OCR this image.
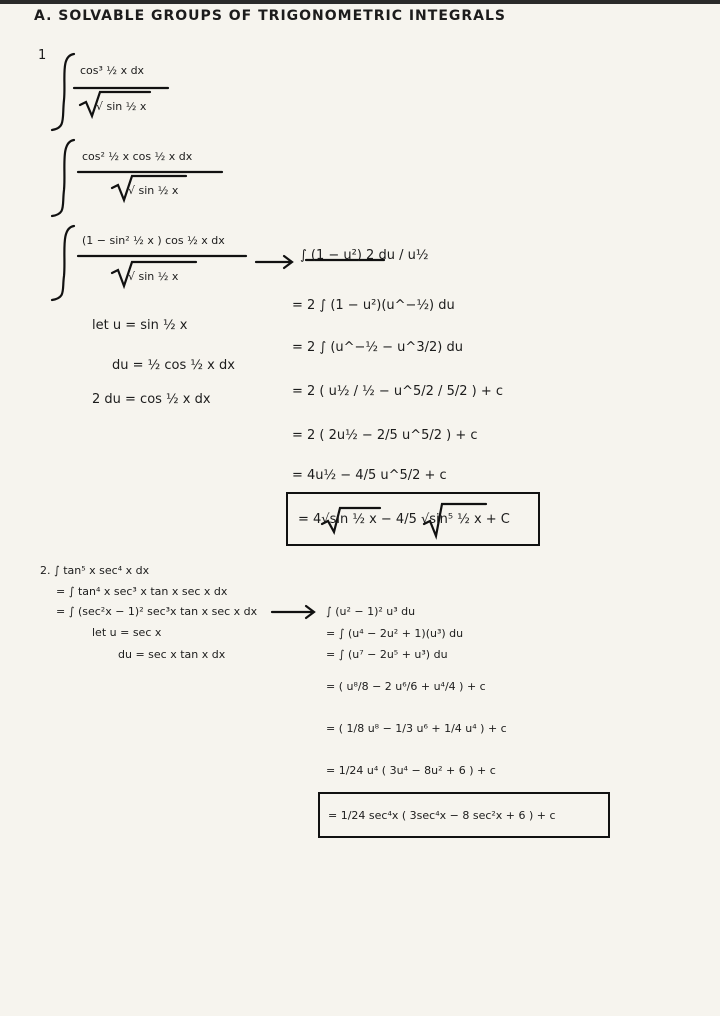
A. SOLVABLE GROUPS OF TRIGONOMETRIC INTEGRALS
1
cos³ ½ x dx
√ sin ½ x
cos² ½ x cos ½ x dx
√ sin ½ x
(1 − sin² ½ x ) cos ½ x dx
√ sin ½ x
let u = sin ½ x
du = ½ cos ½ x dx
2 du = cos ½ x dx
∫ (1 − u²) 2 du / u½
= 2 ∫ (1 − u²)(u^−½) du
= 2 ∫ (u^−½ − u^3/2) du
= 2 ( u½ / ½ − u^5/2 / 5/2 ) + c
= 2 ( 2u½ − 2/5 u^5/2 ) + c
= 4u½ − 4/5 u^5/2 + c
= 4√sin ½ x − 4/5 √sin⁵ ½ x + C
2. ∫ tan⁵ x sec⁴ x dx
= ∫ tan⁴ x sec³ x tan x sec x dx
= ∫ (sec²x − 1)² sec³x tan x sec x dx
let u = sec x
du = sec x tan x dx
∫ (u² − 1)² u³ du
= ∫ (u⁴ − 2u² + 1)(u³) du
= ∫ (u⁷ − 2u⁵ + u³) du
= ( u⁸/8 − 2 u⁶/6 + u⁴/4 ) + c
= ( 1/8 u⁸ − 1/3 u⁶ + 1/4 u⁴ ) + c
= 1/24 u⁴ ( 3u⁴ − 8u² + 6 ) + c
= 1/24 sec⁴x ( 3sec⁴x − 8 sec²x + 6 ) + c
